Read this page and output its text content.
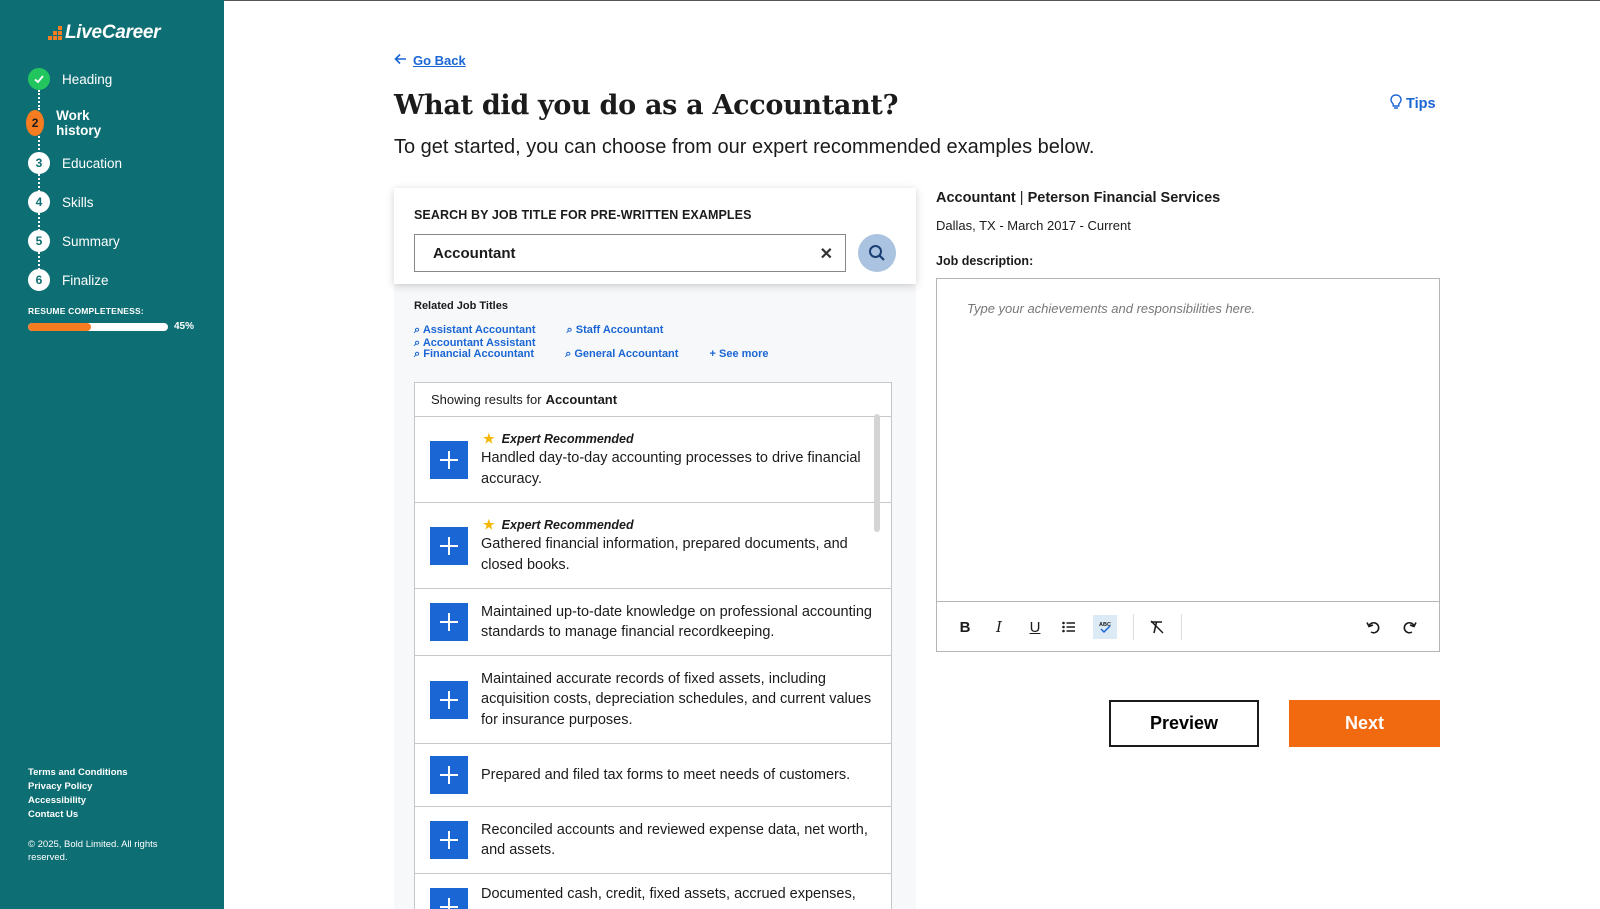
LiveCareer
Heading
2	Work history
3	Education
4	Skills
5	Summary
6	Finalize
RESUME COMPLETENESS:
45%
Terms and Conditions
Privacy Policy
Accessibility
Contact Us
© 2025, Bold Limited. All rights reserved.
Go Back
What did you do as a Accountant?
To get started, you can choose from our expert recommended examples below.
Tips
SEARCH BY JOB TITLE FOR PRE-WRITTEN EXAMPLES
Accountant	✕
Related Job Titles
⌕ Assistant Accountant	⌕ Staff Accountant ⌕ Accountant Assistant
⌕ Financial Accountant	⌕ General Accountant	+ See more
Showing results for Accountant
★ Expert Recommended
Handled day-to-day accounting processes to drive financial accuracy.
★ Expert Recommended
Gathered financial information, prepared documents, and closed books.
Maintained up-to-date knowledge on professional accounting standards to manage financial recordkeeping.
Maintained accurate records of fixed assets, including acquisition costs, depreciation schedules, and current values for insurance purposes.
Prepared and filed tax forms to meet needs of customers.
Reconciled accounts and reviewed expense data, net worth, and assets.
Documented cash, credit, fixed assets, accrued expenses,
Accountant | Peterson Financial Services
Dallas, TX - March 2017 - Current
Job description:
Type your achievements and responsibilities here.
B	I	U	ABC
Preview	Next
